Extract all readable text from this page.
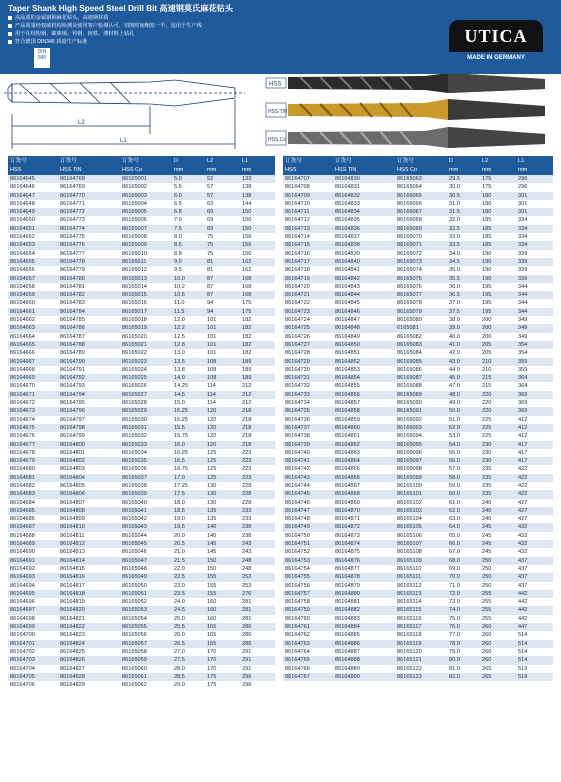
Taper Shank High Speed Steel Drill Bit 高速钢莫氏麻花钻头
高品质的金属钢柄麻花钻头，高速钢材质
产品质量经权威机构检测及使用客户检测认可，切削时间缩短一半，适用于生产线
用于在结构钢、碳素钢、铸钢、铸铁、薄材料上钻孔
符合德国 DIN345 质量生产标准
DIN 345
UTICA
MADE IN GERMANY
L2
L1
HSS
HSS TiN
HSS Co
订货号	订货号	订货号	D	L2	L1
HSS	HSS TiN	HSS Co	mm	mm	mm
86164645	86164768	86165001	5.0	52	133
86164646	86164769	86165002	5.5	57	138
86164647	86164770	86165003	6.0	57	138
86164648	86164771	86165004	6.5	63	144
86164649	86164772	86165005	6.8	69	150
86164650	86164773	86165006	7.0	69	150
86164651	86164774	86165007	7.5	69	150
86164652	86164775	86165008	8.0	75	156
86164653	86164776	86165009	8.5	75	156
86164654	86164777	86165010	8.8	75	156
86164655	86164778	86165011	9.0	81	162
86164656	86164779	86165012	9.5	81	162
86164657	86164780	86165013	10.0	87	168
86164658	86164781	86165014	10.2	87	168
86164659	86164782	86165015	10.5	87	168
86164660	86164783	86165016	11.0	94	175
86164661	86164784	86165017	11.5	94	175
86164662	86164785	86165018	12.0	101	182
86164663	86164786	86165019	12.2	101	182
86164664	86164787	86165020	12.5	101	182
86164665	86164788	86165021	12.8	101	182
86164666	86164789	86165022	13.0	101	182
86164667	86164790	86165023	13.5	108	189
86164668	86164791	86165024	13.8	108	189
86164669	86164792	86165025	14.0	108	189
86164670	86164793	86165026	14.25	114	212
86164671	86164794	86165027	14.5	114	212
86164672	86164795	86165028	15.0	114	212
86164673	86164796	86165029	15.25	120	218
86164674	86164797	86165030	15.25	120	218
86164675	86164798	86165031	15.5	120	218
86164676	86164799	86165032	15.75	120	218
86164677	86164800	86165033	16.0	120	218
86164678	86164801	86165034	16.25	125	223
86164679	86164802	86165035	16.5	125	223
86164680	86164803	86165036	16.75	125	223
86164681	86164804	86165037	17.0	125	223
86164682	86164805	86165038	17.25	130	228
86164683	86164806	86165039	17.5	130	228
86164684	86164807	86165040	18.0	130	228
86164685	86164808	86165041	18.5	135	233
86164686	86164809	86165042	19.0	135	233
86164687	86164810	86165043	19.5	140	238
86164688	86164811	86165044	20.0	140	238
86164689	86164812	86165045	20.5	145	243
86164690	86164813	86165046	21.0	145	243
86164691	86164814	86165047	21.5	150	248
86164692	86164815	86165048	22.0	150	248
86164693	86164816	86165049	22.5	155	253
86164694	86164817	86165050	23.0	155	253
86164695	86164818	86165051	23.5	155	276
86164696	86164819	86165052	24.0	160	281
86164697	86164820	86165053	24.5	160	281
86164698	86164821	86165054	25.0	160	281
86164699	86164822	86165055	25.5	165	286
86164700	86164823	86165056	26.0	165	286
86164701	86164824	86165057	26.5	165	286
86164702	86164825	86165058	27.0	170	291
86164703	86164826	86165059	27.5	170	291
86164704	86164827	86165060	28.0	170	291
86164705	86164828	86165061	28.5	175	296
86164706	86164829	86165062	29.0	175	296
订货号	订货号	订货号	D	L2	L1
HSS	HSS TiN	HSS Co	mm	mm	mm
86164707	86164830	86165063	29.5	175	296
86164708	86164831	86165064	30.0	175	296
86164709	86164832	86165065	30.5	180	301
86164710	86164833	86165066	31.0	180	301
86164711	86164834	86165067	31.5	180	301
86164712	86164835	86165068	32.0	185	334
86164713	86164836	86165069	32.5	185	334
86164714	86164837	86165070	33.0	185	334
86164715	86164838	86165071	33.5	185	334
86164716	86164839	86165072	34.0	190	339
86164717	86164840	86165073	34.5	190	339
86164718	86164841	86165074	35.0	190	339
86164719	86164842	86165075	35.5	190	339
86164720	86164843	86165076	36.0	195	344
86164721	86164844	86165077	36.5	195	344
86164722	86164845	86165078	37.0	195	344
86164723	86164846	86165079	37.5	195	344
86164724	86164847	86165080	38.0	200	349
86164725	86164848	6165081	39.0	200	349
86164726	86164849	86165082	40.0	200	349
86164727	86164850	86165083	41.0	205	354
86164728	86164851	86165084	42.0	205	354
86164729	86164852	86165085	43.0	210	359
86164730	86164853	86165086	44.0	210	359
86164731	86164854	86165087	45.0	215	364
86164732	86164855	86165088	47.0	215	364
86164733	86164856	86165089	48.0	220	369
86164734	86164857	86165090	49.0	220	369
86164735	86164858	86165091	50.0	220	369
86164736	86164859	86165092	51.0	225	412
86164737	86164860	86165093	52.0	225	412
86164738	86164861	86165094	53.0	225	412
86164739	86164862	86165095	54.0	230	417
86164740	86164863	86165096	55.0	230	417
86164741	86164864	86165097	56.0	230	417
86164742	86164865	86165098	57.0	235	422
86164743	86164866	86165099	58.0	235	422
86164744	86164867	86165100	59.0	235	422
86164745	86164868	86165101	60.0	235	422
86164746	86164869	86165102	61.0	240	427
86164747	86164870	86165103	62.0	240	427
86164748	86164871	86165104	63.0	240	427
86164749	86164872	86165105	64.0	245	432
86164750	86164873	86165106	65.0	245	432
86164751	86164874	86165107	66.0	245	432
86164752	86164875	86165108	67.0	245	432
86164753	86164876	86165109	68.0	250	437
86164754	86164877	86165110	69.0	250	437
86164755	86164878	86165111	70.0	250	437
86164756	86164879	86165112	71.0	250	437
86164757	86164880	86165113	72.0	255	442
86164758	86164881	86165114	73.0	255	442
86164759	86164882	86165115	74.0	255	442
86164760	86164883	86165116	75.0	255	442
86164761	86164884	86165117	76.0	260	447
86164762	86164885	86165118	77.0	260	514
86164763	86164886	86165119	78.0	260	514
86164764	86164887	86165120	79.0	260	514
86164765	86164888	86165121	80.0	260	514
86164766	86164889	86165122	81.0	265	519
86164767	86164890	86165123	82.0	265	519
